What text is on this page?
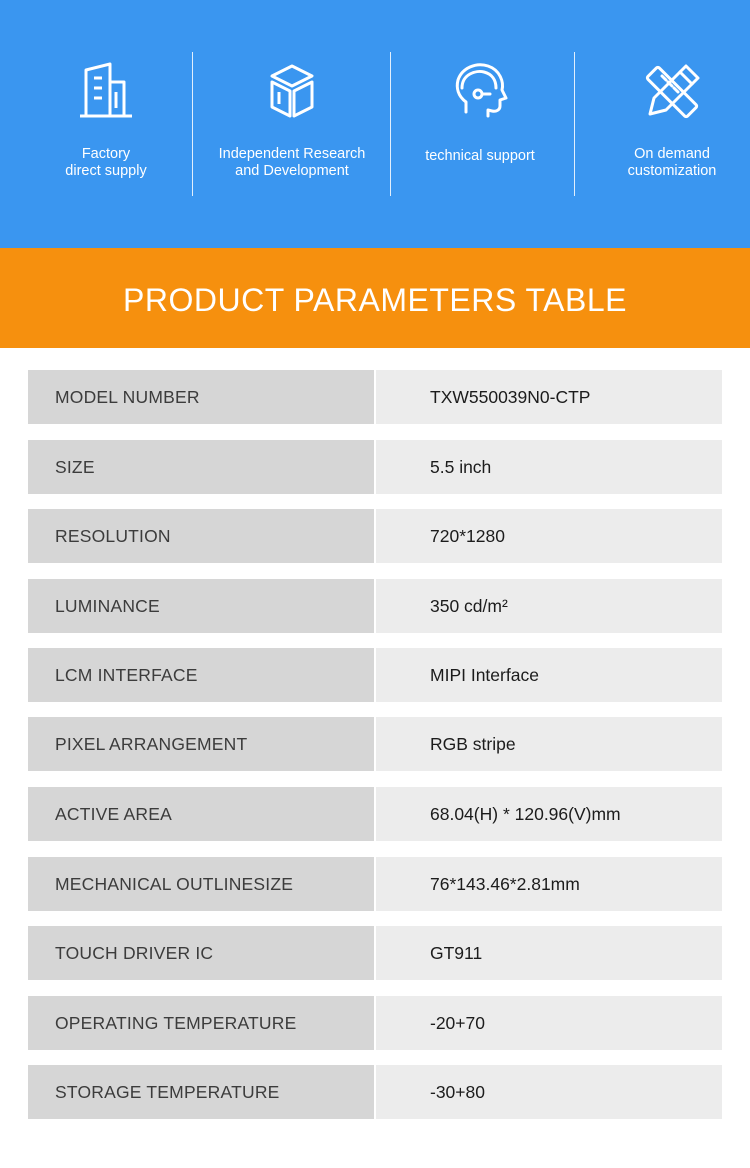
Factory
direct supply
Independent Research
and Development
technical support	On demand
customization
PRODUCT PARAMETERS TABLE
MODEL NUMBER	TXW550039N0-CTP
SIZE	5.5 inch
RESOLUTION	720*1280
LUMINANCE	350 cd/m²
LCM INTERFACE	MIPI Interface
PIXEL ARRANGEMENT	RGB stripe
ACTIVE AREA	68.04(H) * 120.96(V)mm
MECHANICAL OUTLINESIZE	76*143.46*2.81mm
TOUCH DRIVER IC	GT911
OPERATING TEMPERATURE	-20+70
STORAGE TEMPERATURE	-30+80
